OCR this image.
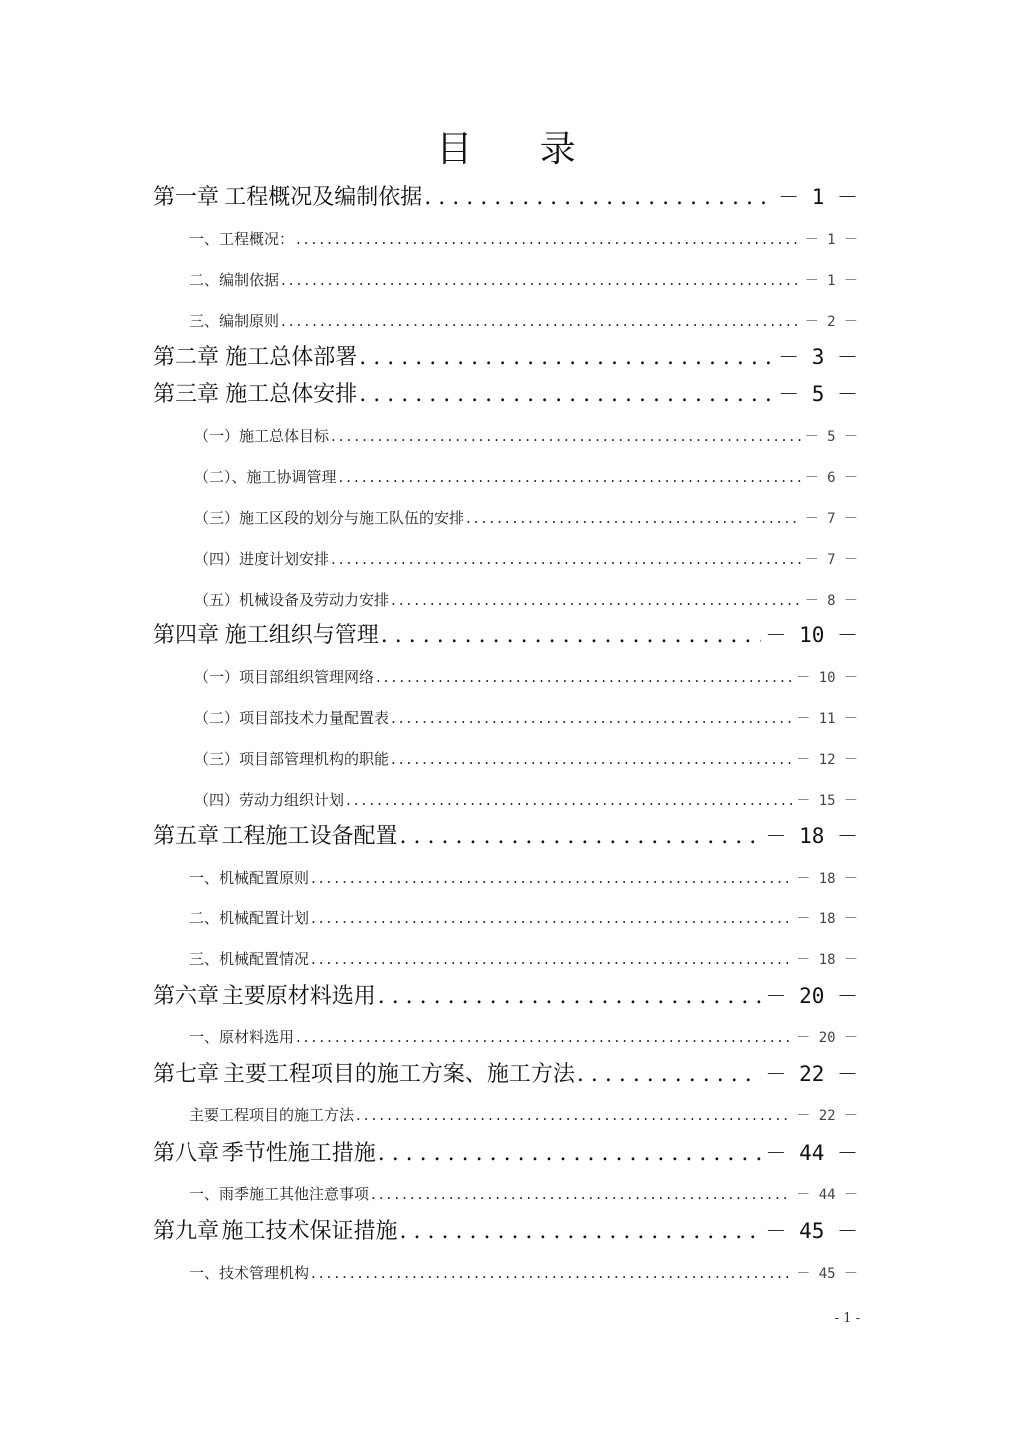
目 录
第一章 工程概况及编制依据 . . .	－ 1 －
一、工程概况： .....	－ 1 －
二、编制依据 .....	－ 1 －
三、编制原则 .....	－ 2 －
第二章 施工总体部署 . . .	－ 3 －
第三章 施工总体安排 . . .	－ 5 －
（一）施工总体目标 .....	－ 5 －
（二）、施工协调管理 .....	－ 6 －
（三）施工区段的划分与施工队伍的安排 .....	－ 7 －
（四）进度计划安排 .....	－ 7 －
（五）机械设备及劳动力安排 .....	－ 8 －
第四章 施工组织与管理 . . .	－ 10 －
（一）项目部组织管理网络 .....	－ 10 －
（二）项目部技术力量配置表 .....	－ 11 －
（三）项目部管理机构的职能 .....	－ 12 －
（四）劳动力组织计划 .....	－ 15 －
第五章 工程施工设备配置 . . .	－ 18 －
一、机械配置原则 .....	－ 18 －
二、机械配置计划 .....	－ 18 －
三、机械配置情况 .....	－ 18 －
第六章 主要原材料选用 . . .	－ 20 －
一、原材料选用 .....	－ 20 －
第七章 主要工程项目的施工方案、施工方法 . . .	－ 22 －
主要工程项目的施工方法 .....	－ 22 －
第八章 季节性施工措施 . . .	－ 44 －
一、雨季施工其他注意事项 .....	－ 44 －
第九章 施工技术保证措施 . . .	－ 45 －
一、技术管理机构 .....	－ 45 －
- 1 -
